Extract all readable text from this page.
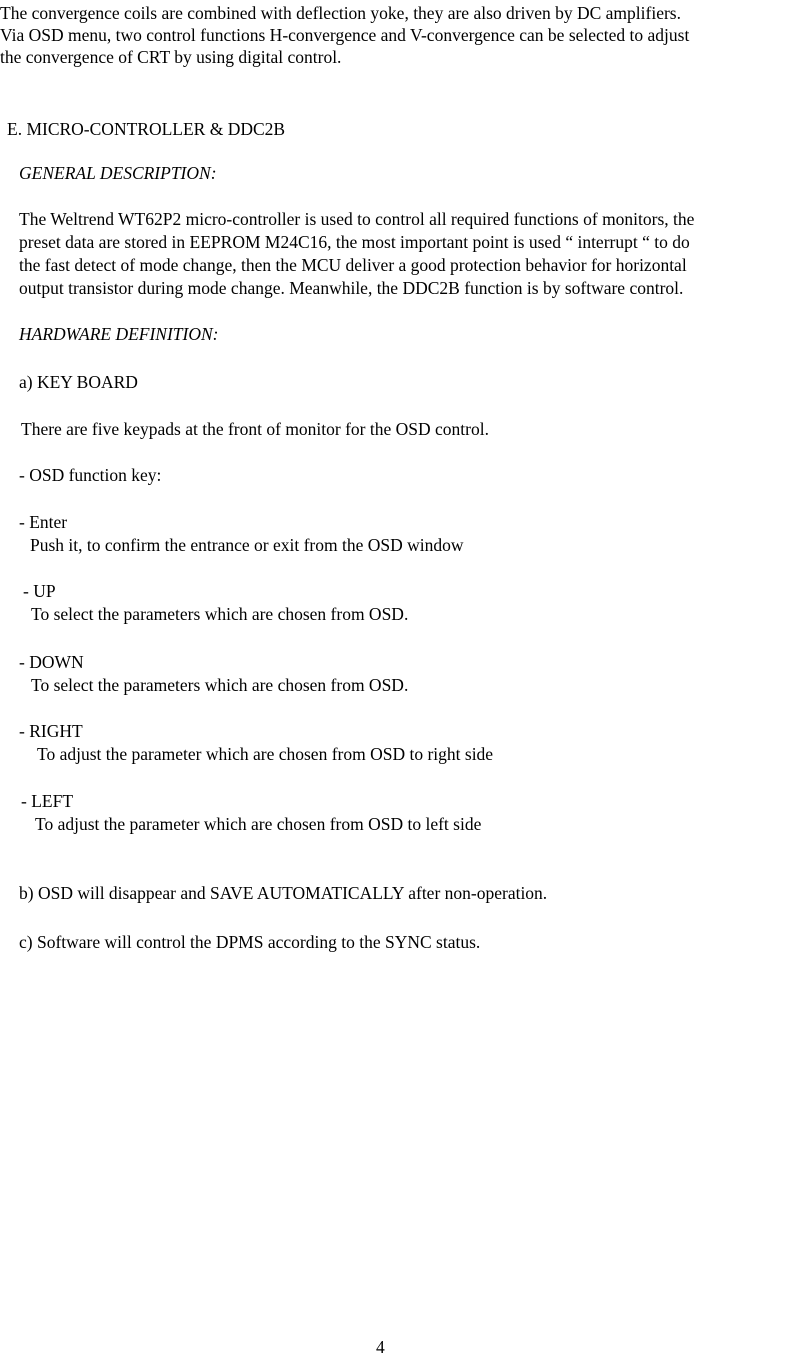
The convergence coils are combined with deflection yoke, they are also driven by DC amplifiers.
Via OSD menu, two control functions H-convergence and V-convergence can be selected to adjust
the convergence of CRT by using digital control.
E. MICRO-CONTROLLER & DDC2B
GENERAL DESCRIPTION:
The Weltrend WT62P2 micro-controller is used to control all required functions of monitors, the
preset data are stored in EEPROM M24C16, the most important point is used “ interrupt “ to do
the fast detect of mode change, then the MCU deliver a good protection behavior for horizontal
output transistor during mode change. Meanwhile, the DDC2B function is by software control.
HARDWARE DEFINITION:
a) KEY BOARD
There are five keypads at the front of monitor for the OSD control.
- OSD function key:
- Enter
Push it, to confirm the entrance or exit from the OSD window
- UP
To select the parameters which are chosen from OSD.
- DOWN
To select the parameters which are chosen from OSD.
- RIGHT
To adjust the parameter which are chosen from OSD to right side
- LEFT
To adjust the parameter which are chosen from OSD to left side
b) OSD will disappear and SAVE AUTOMATICALLY after non-operation.
c) Software will control the DPMS according to the SYNC status.
4
